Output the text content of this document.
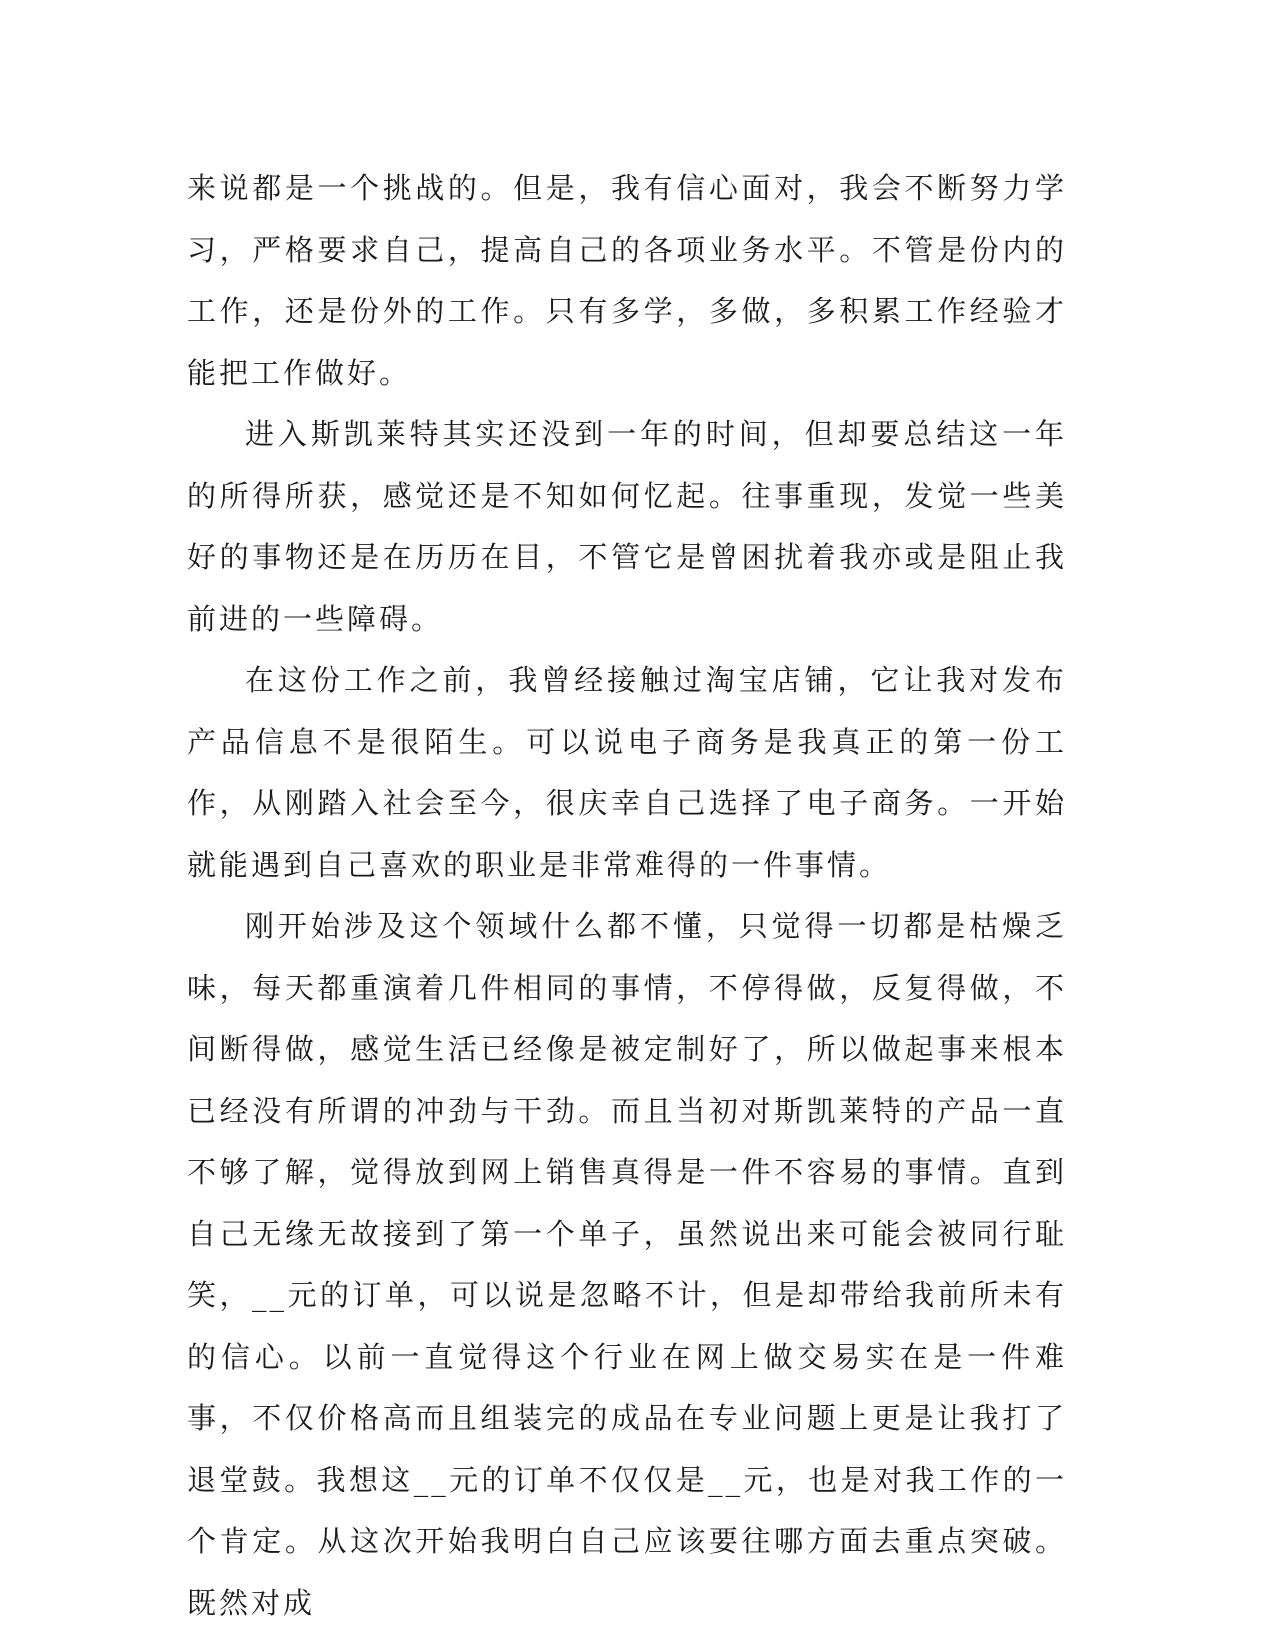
来说都是一个挑战的。但是，我有信心面对，我会不断努力学习，严格要求自己，提高自己的各项业务水平。不管是份内的工作，还是份外的工作。只有多学，多做，多积累工作经验才能把工作做好。

进入斯凯莱特其实还没到一年的时间，但却要总结这一年的所得所获，感觉还是不知如何忆起。往事重现，发觉一些美好的事物还是在历历在目，不管它是曾困扰着我亦或是阻止我前进的一些障碍。

在这份工作之前，我曾经接触过淘宝店铺，它让我对发布产品信息不是很陌生。可以说电子商务是我真正的第一份工作，从刚踏入社会至今，很庆幸自己选择了电子商务。一开始就能遇到自己喜欢的职业是非常难得的一件事情。

刚开始涉及这个领域什么都不懂，只觉得一切都是枯燥乏味，每天都重演着几件相同的事情，不停得做，反复得做，不间断得做，感觉生活已经像是被定制好了，所以做起事来根本已经没有所谓的冲劲与干劲。而且当初对斯凯莱特的产品一直不够了解，觉得放到网上销售真得是一件不容易的事情。直到自己无缘无故接到了第一个单子，虽然说出来可能会被同行耻笑，__元的订单，可以说是忽略不计，但是却带给我前所未有的信心。以前一直觉得这个行业在网上做交易实在是一件难事，不仅价格高而且组装完的成品在专业问题上更是让我打了退堂鼓。我想这__元的订单不仅仅是__元，也是对我工作的一个肯定。从这次开始我明白自己应该要往哪方面去重点突破。既然对成
